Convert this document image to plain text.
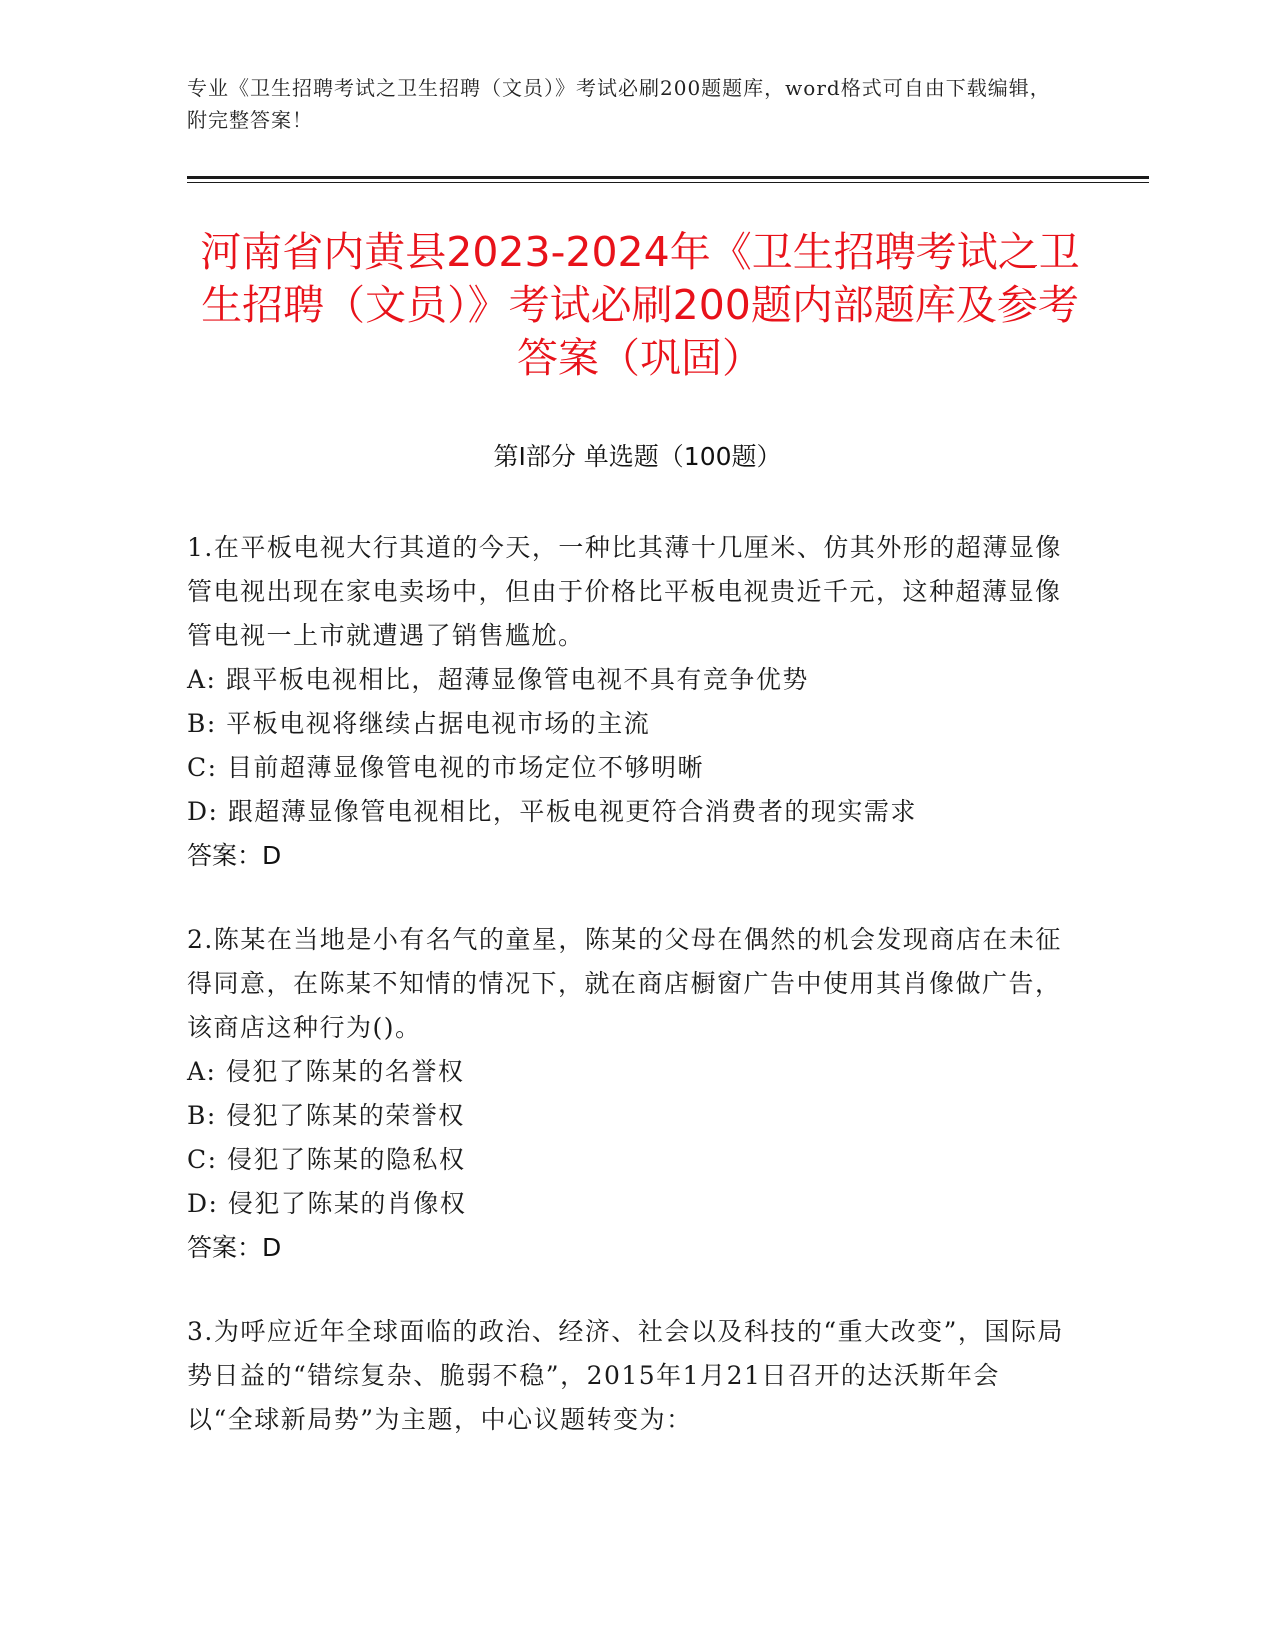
专业《卫生招聘考试之卫生招聘（文员）》考试必刷200题题库，word格式可自由下载编辑，附完整答案！
河南省内黄县2023-2024年《卫生招聘考试之卫生招聘（文员）》考试必刷200题内部题库及参考答案（巩固）
第I部分 单选题（100题）
1.在平板电视大行其道的今天，一种比其薄十几厘米、仿其外形的超薄显像管电视出现在家电卖场中，但由于价格比平板电视贵近千元，这种超薄显像管电视一上市就遭遇了销售尴尬。
A: 跟平板电视相比，超薄显像管电视不具有竞争优势
B: 平板电视将继续占据电视市场的主流
C: 目前超薄显像管电视的市场定位不够明晰
D: 跟超薄显像管电视相比，平板电视更符合消费者的现实需求
答案：D
2.陈某在当地是小有名气的童星，陈某的父母在偶然的机会发现商店在未征得同意，在陈某不知情的情况下，就在商店橱窗广告中使用其肖像做广告，该商店这种行为()。
A: 侵犯了陈某的名誉权
B: 侵犯了陈某的荣誉权
C: 侵犯了陈某的隐私权
D: 侵犯了陈某的肖像权
答案：D
3.为呼应近年全球面临的政治、经济、社会以及科技的“重大改变”，国际局势日益的“错综复杂、脆弱不稳”，2015年1月21日召开的达沃斯年会以“全球新局势”为主题，中心议题转变为：
